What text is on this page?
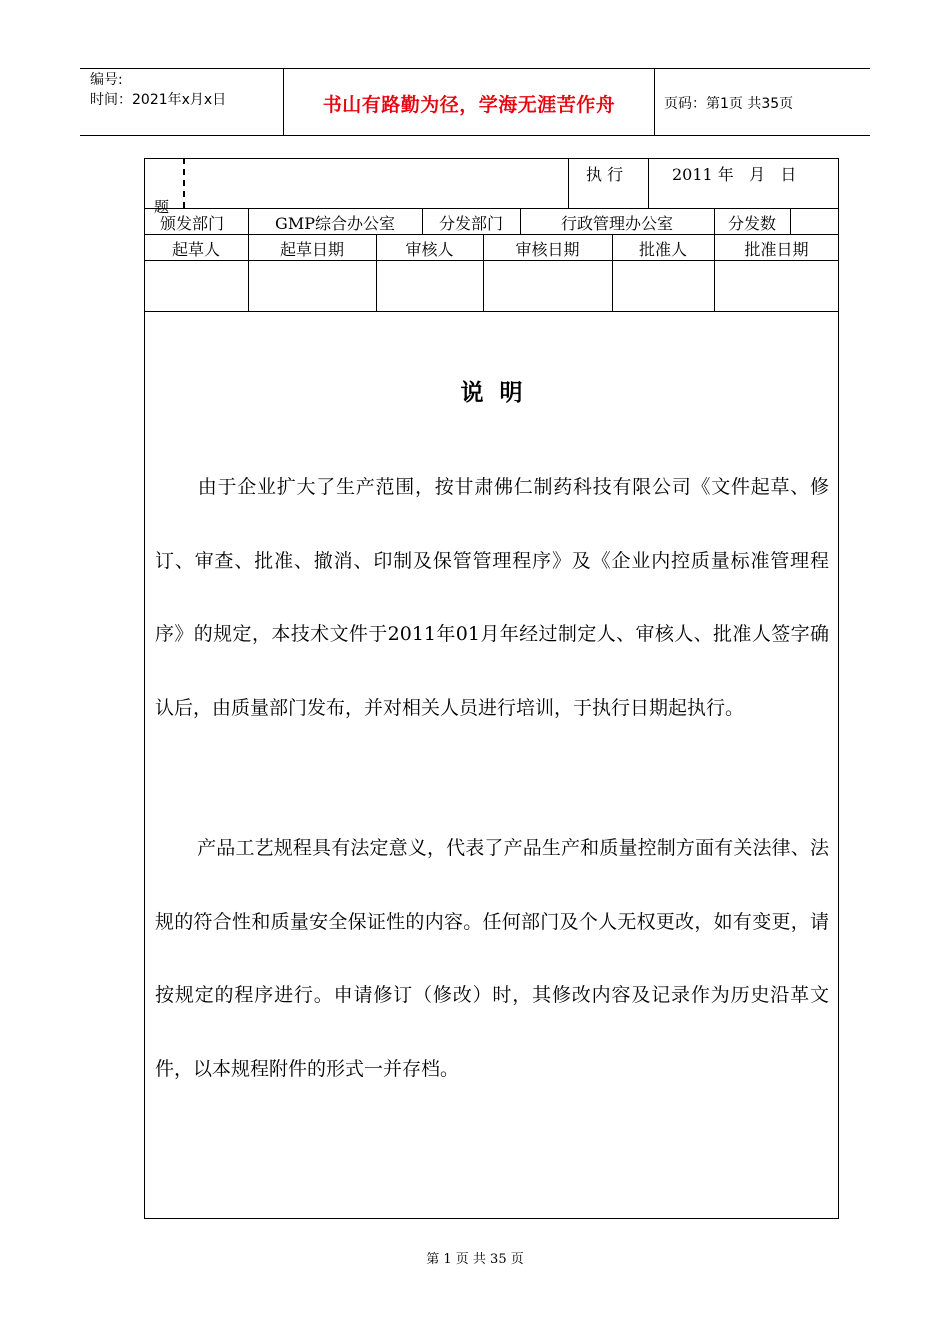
编号:
时间：2021年x月x日	书山有路勤为径，学海无涯苦作舟	页码：第1页 共35页
题
执 行	2011 年   月   日
颁发部门	GMP综合办公室	分发部门	行政管理办公室	分发数
起草人	起草日期	审核人	审核日期	批准人	批准日期
说  明
由于企业扩大了生产范围，按甘肃佛仁制药科技有限公司《文件起草、修订、审查、批准、撤消、印制及保管管理程序》及《企业内控质量标准管理程序》的规定，本技术文件于2011年01月年经过制定人、审核人、批准人签字确认后，由质量部门发布，并对相关人员进行培训，于执行日期起执行。
产品工艺规程具有法定意义，代表了产品生产和质量控制方面有关法律、法规的符合性和质量安全保证性的内容。任何部门及个人无权更改，如有变更，请按规定的程序进行。申请修订（修改）时，其修改内容及记录作为历史沿革文件，以本规程附件的形式一并存档。
第 1 页 共 35 页
